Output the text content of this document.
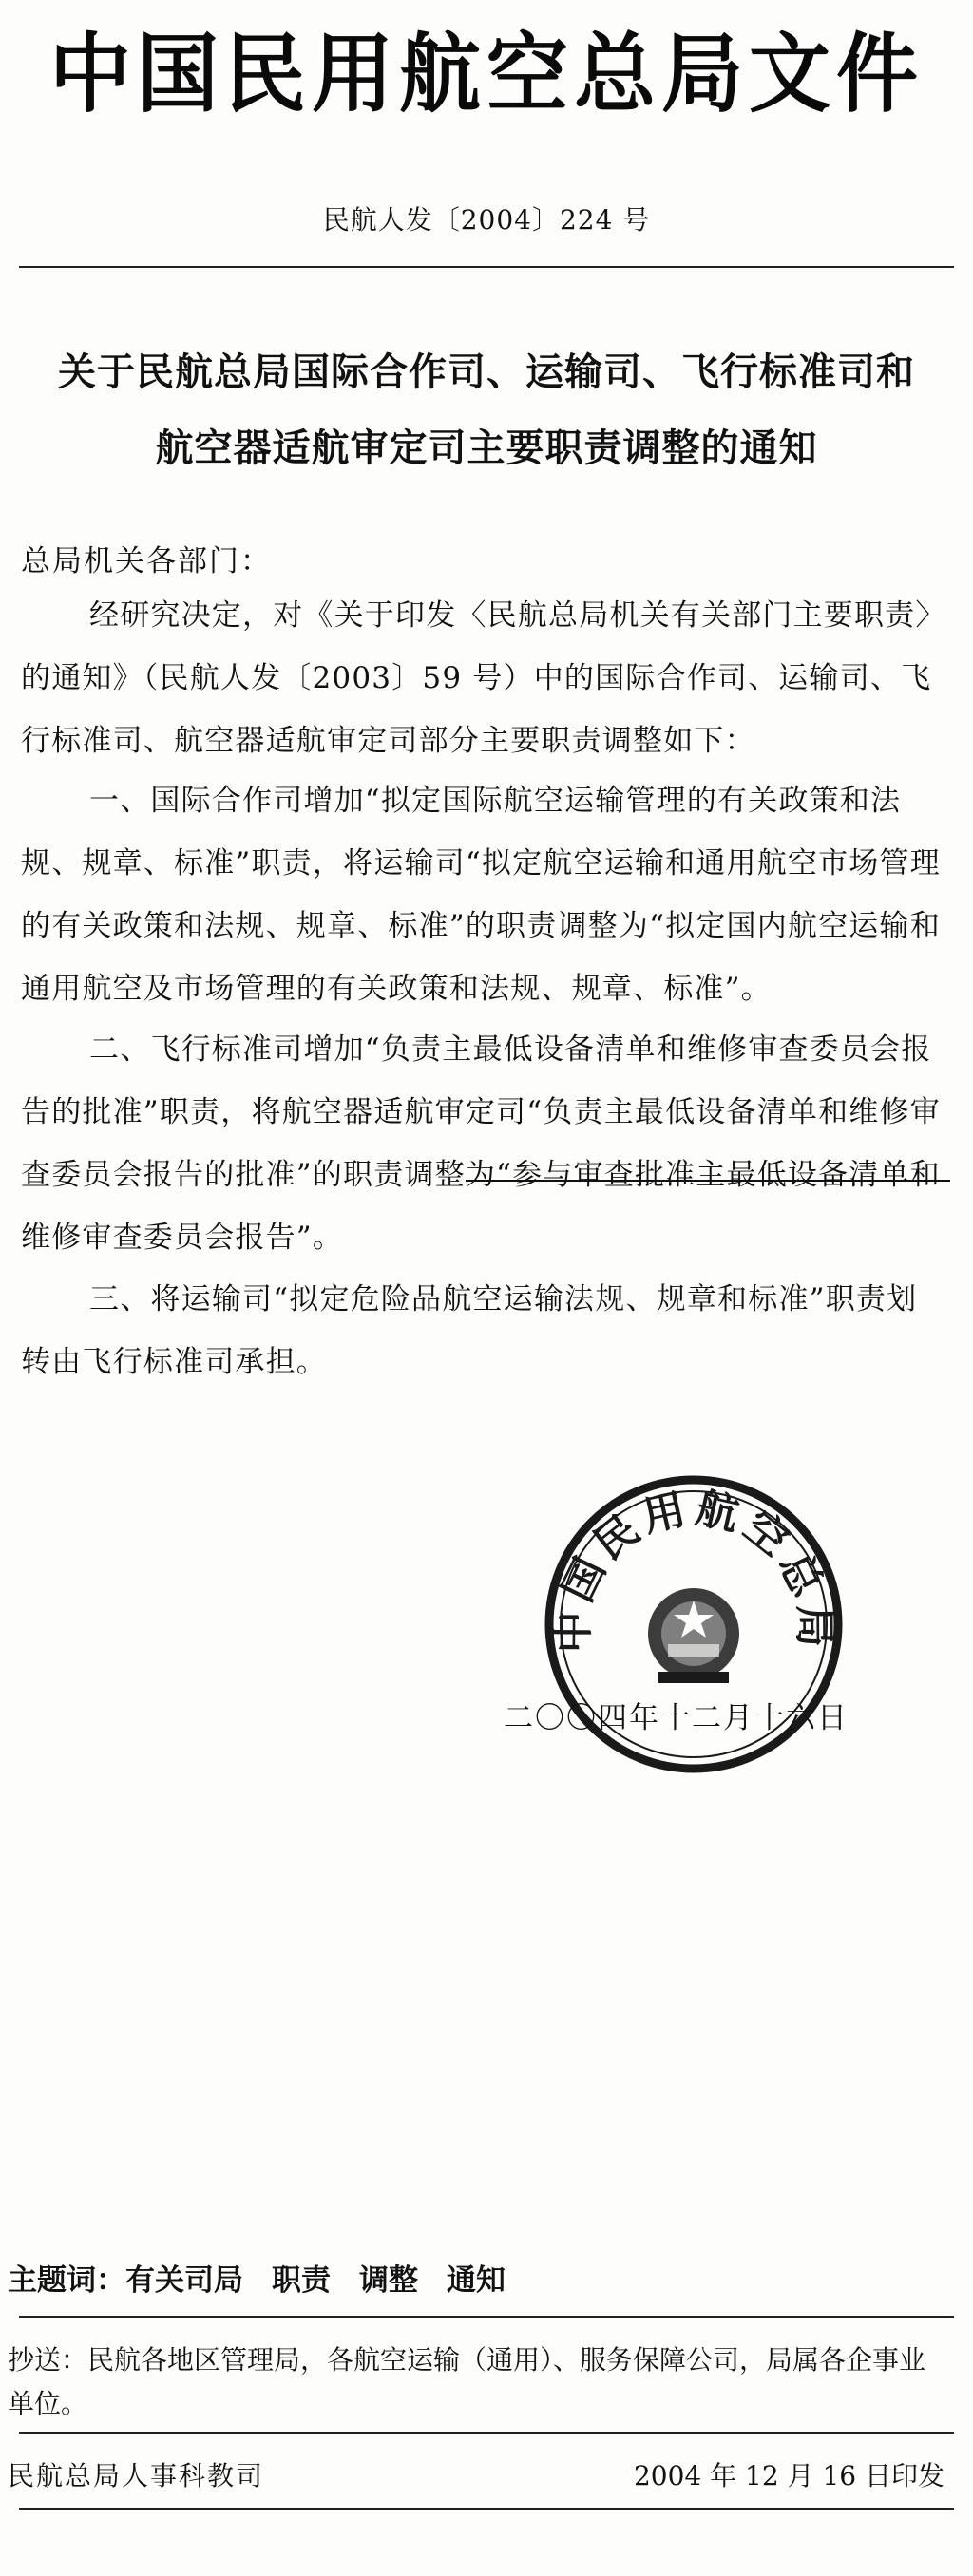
中国民用航空总局文件
民航人发〔2004〕224 号
关于民航总局国际合作司、运输司、飞行标准司和
航空器适航审定司主要职责调整的通知
总局机关各部门：

经研究决定，对《关于印发〈民航总局机关有关部门主要职责〉的通知》（民航人发〔2003〕59 号）中的国际合作司、运输司、飞行标准司、航空器适航审定司部分主要职责调整如下：

一、国际合作司增加“拟定国际航空运输管理的有关政策和法规、规章、标准”职责，将运输司“拟定航空运输和通用航空市场管理的有关政策和法规、规章、标准”的职责调整为“拟定国内航空运输和通用航空及市场管理的有关政策和法规、规章、标准”。

二、飞行标准司增加“负责主最低设备清单和维修审查委员会报告的批准”职责，将航空器适航审定司“负责主最低设备清单和维修审查委员会报告的批准”的职责调整为“参与审查批准主最低设备清单和维修审查委员会报告”。

三、将运输司“拟定危险品航空运输法规、规章和标准”职责划转由飞行标准司承担。

中国民用航空总局
二〇〇四年十二月十六日
主题词：有关司局 职责 调整 通知
抄送：民航各地区管理局，各航空运输（通用）、服务保障公司，局属各企事业单位。
民航总局人事科教司	2004 年 12 月 16 日印发
